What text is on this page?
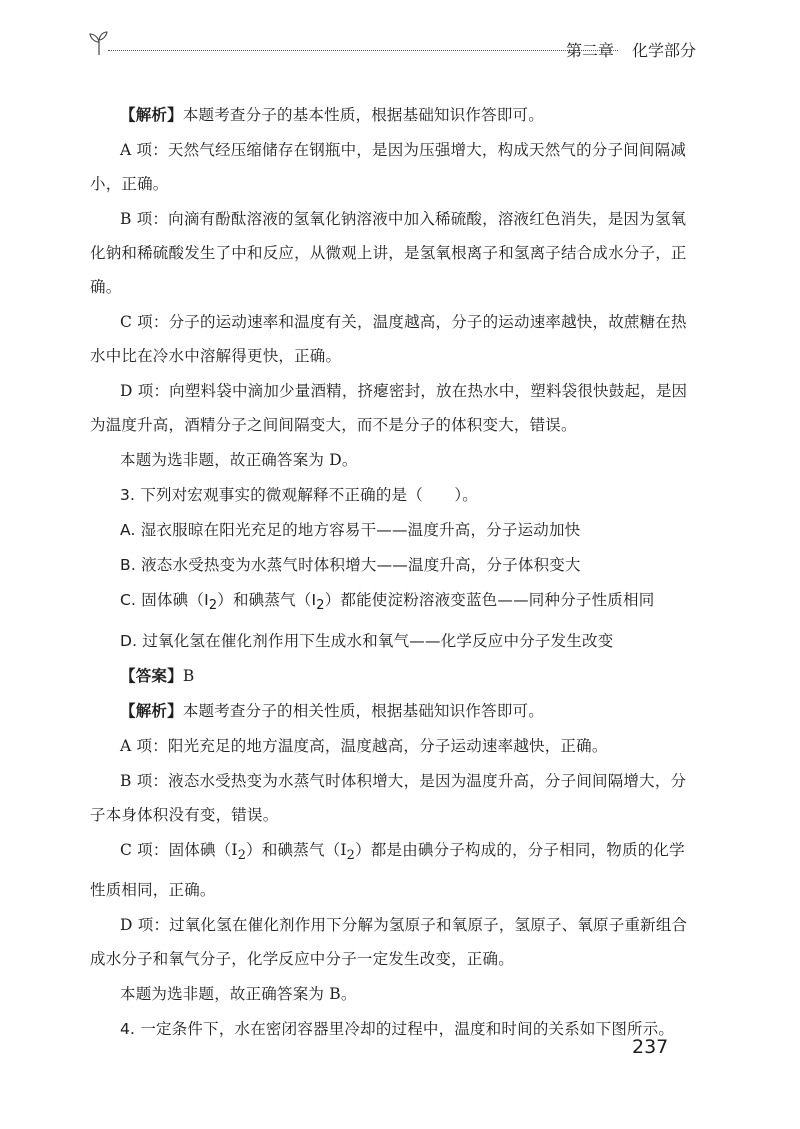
第二章 化学部分

【解析】本题考查分子的基本性质，根据基础知识作答即可。

A 项：天然气经压缩储存在钢瓶中，是因为压强增大，构成天然气的分子间间隔减小，正确。

B 项：向滴有酚酞溶液的氢氧化钠溶液中加入稀硫酸，溶液红色消失，是因为氢氧化钠和稀硫酸发生了中和反应，从微观上讲，是氢氧根离子和氢离子结合成水分子，正确。

C 项：分子的运动速率和温度有关，温度越高，分子的运动速率越快，故蔗糖在热水中比在冷水中溶解得更快，正确。

D 项：向塑料袋中滴加少量酒精，挤瘪密封，放在热水中，塑料袋很快鼓起，是因为温度升高，酒精分子之间间隔变大，而不是分子的体积变大，错误。

本题为选非题，故正确答案为 D。

3. 下列对宏观事实的微观解释不正确的是（　　）。

A. 湿衣服晾在阳光充足的地方容易干——温度升高，分子运动加快

B. 液态水受热变为水蒸气时体积增大——温度升高，分子体积变大

C. 固体碘$(I_2)$和碘蒸气$(I_2)$都能使淀粉溶液变蓝色——同种分子性质相同

D. 过氧化氢在催化剂作用下生成水和氧气——化学反应中分子发生改变

【答案】B

【解析】本题考查分子的相关性质，根据基础知识作答即可。

A 项：阳光充足的地方温度高，温度越高，分子运动速率越快，正确。

B 项：液态水受热变为水蒸气时体积增大，是因为温度升高，分子间间隔增大，分子本身体积没有变，错误。

C 项：固体碘$(I_2)$和碘蒸气$(I_2)$都是由碘分子构成的，分子相同，物质的化学性质相同，正确。

D 项：过氧化氢在催化剂作用下分解为氢原子和氧原子，氢原子、氧原子重新组合成水分子和氧气分子，化学反应中分子一定发生改变，正确。

本题为选非题，故正确答案为 B。

4. 一定条件下，水在密闭容器里冷却的过程中，温度和时间的关系如下图所示。

237
